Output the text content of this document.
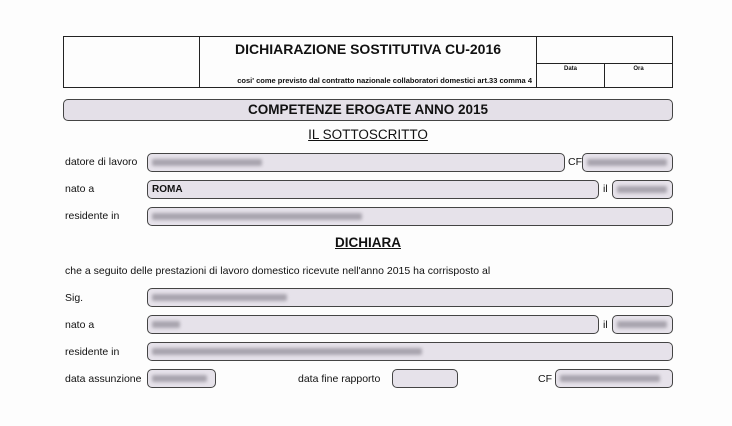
DICHIARAZIONE SOSTITUTIVA CU-2016
cosi' come previsto dal contratto nazionale collaboratori domestici art.33 comma 4
Data	Ora
COMPETENZE EROGATE ANNO 2015
IL SOTTOSCRITTO
datore di lavoro	CF
nato a	ROMA	il
residente in
DICHIARA
che a seguito delle prestazioni di lavoro domestico ricevute nell'anno 2015 ha corrisposto al
Sig.
nato a	il
residente in
data assunzione	data fine rapporto	CF
